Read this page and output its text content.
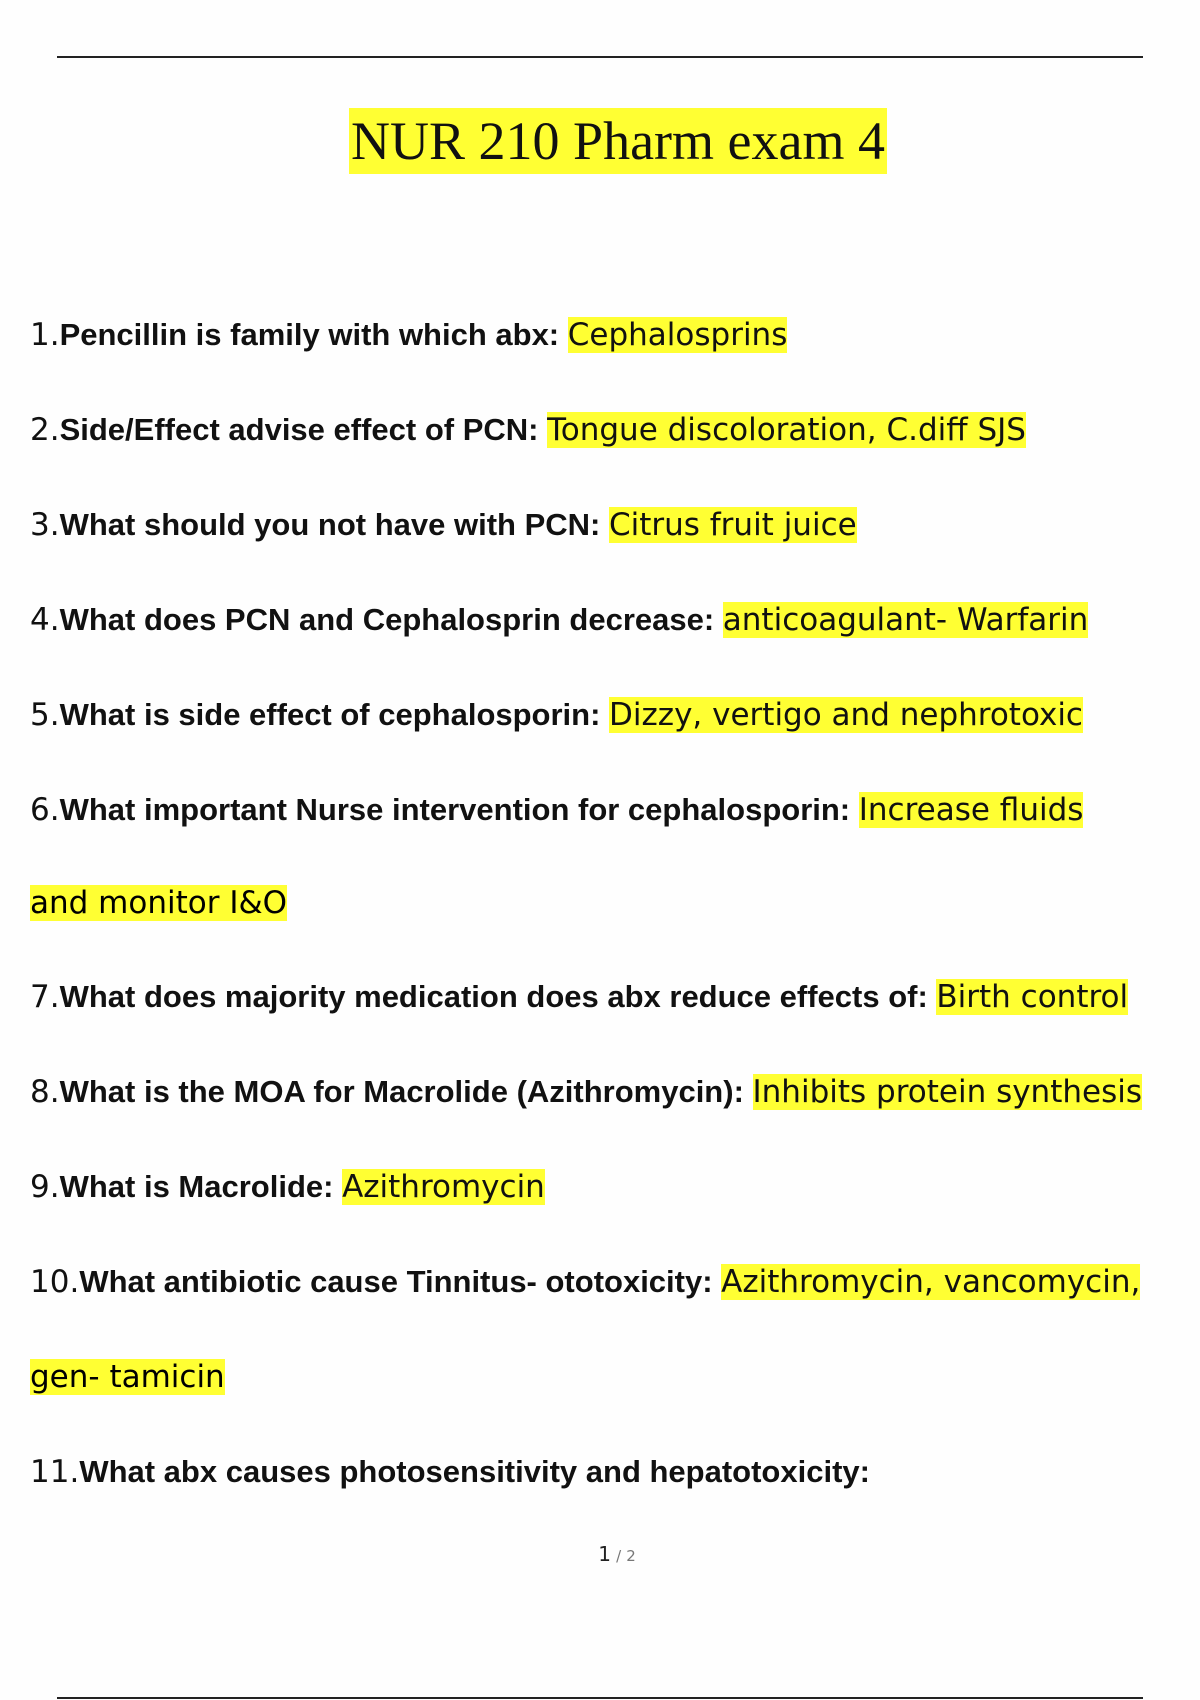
NUR 210 Pharm exam 4
1.Pencillin is family with which abx: Cephalosprins
2.Side/Effect advise effect of PCN: Tongue discoloration, C.diff SJS
3.What should you not have with PCN: Citrus fruit juice
4.What does PCN and Cephalosprin decrease: anticoagulant- Warfarin
5.What is side effect of cephalosporin: Dizzy, vertigo and nephrotoxic
6.What important Nurse intervention for cephalosporin: Increase fluids
and monitor I&O
7.What does majority medication does abx reduce effects of: Birth control
8.What is the MOA for Macrolide (Azithromycin): Inhibits protein synthesis
9.What is Macrolide: Azithromycin
10.What antibiotic cause Tinnitus- ototoxicity: Azithromycin, vancomycin,
gen- tamicin
11.What abx causes photosensitivity and hepatotoxicity:
1 / 2
